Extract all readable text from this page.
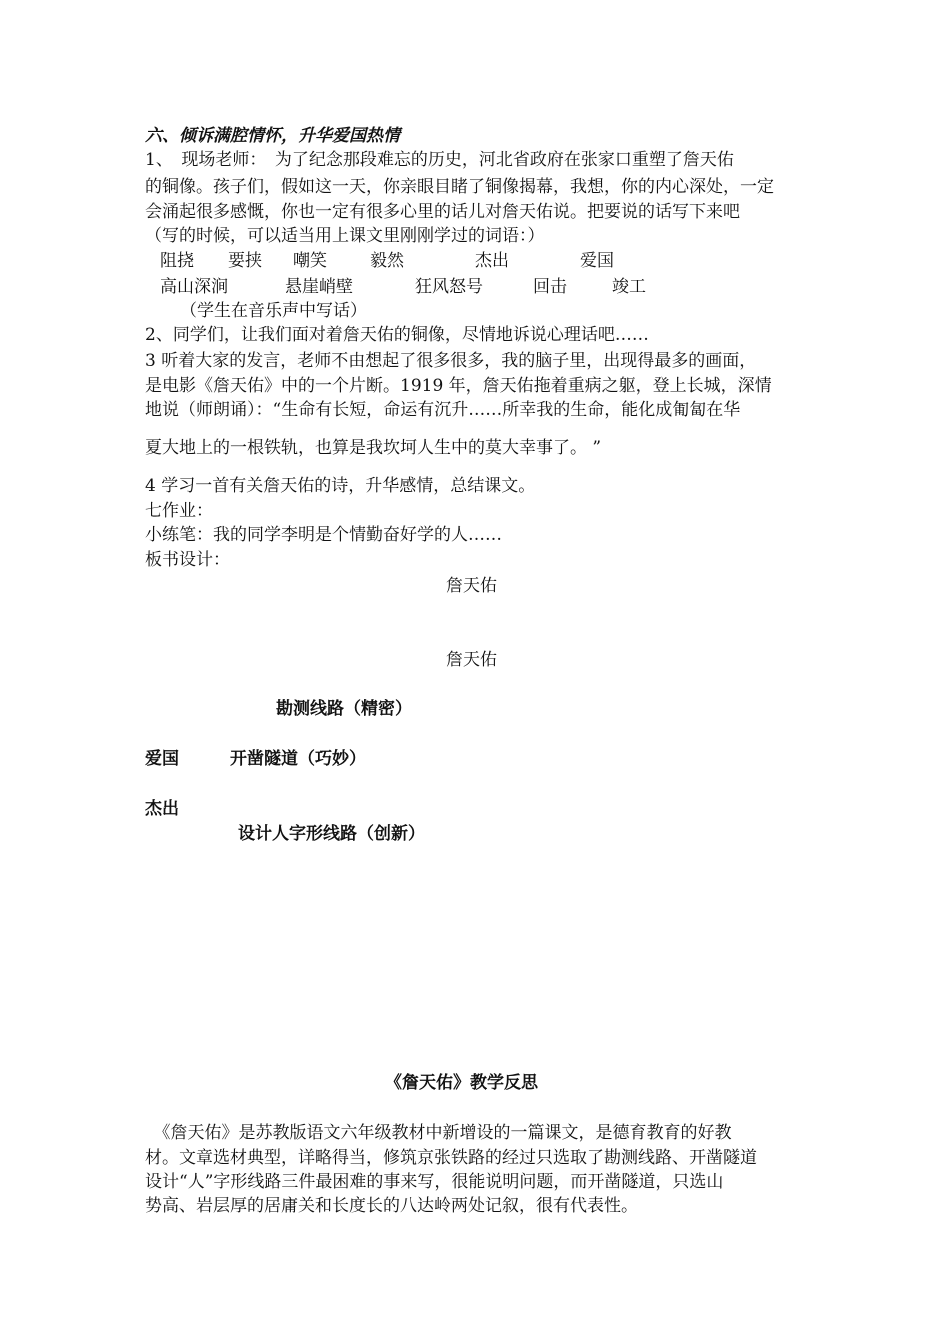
六、倾诉满腔情怀，升华爱国热情
1、　现场老师：　为了纪念那段难忘的历史，河北省政府在张家口重塑了詹天佑
的铜像。孩子们，假如这一天，你亲眼目睹了铜像揭幕，我想，你的内心深处，一定
会涌起很多感慨，你也一定有很多心里的话儿对詹天佑说。把要说的话写下来吧
（写的时候，可以适当用上课文里刚刚学过的词语：）
阻挠 要挟 嘲笑	毅然	杰出	爱国
高山深涧	悬崖峭壁	狂风怒号	回击	竣工
（学生在音乐声中写话）
2、同学们，让我们面对着詹天佑的铜像，尽情地诉说心理话吧……
3 听着大家的发言，老师不由想起了很多很多，我的脑子里，出现得最多的画面，
是电影《詹天佑》中的一个片断。1919 年，詹天佑拖着重病之躯，登上长城，深情
地说（师朗诵）：“生命有长短，命运有沉升……所幸我的生命，能化成匍匐在华
夏大地上的一根铁轨，也算是我坎坷人生中的莫大幸事了。 ”
4 学习一首有关詹天佑的诗，升华感情，总结课文。
七作业：
小练笔：我的同学李明是个情勤奋好学的人……
板书设计：
詹天佑
詹天佑
勘测线路（精密）
爱国	开凿隧道（巧妙）
杰出
设计人字形线路（创新）
《詹天佑》教学反思
　《詹天佑》是苏教版语文六年级教材中新增设的一篇课文，是德育教育的好教
材。文章选材典型，详略得当，修筑京张铁路的经过只选取了勘测线路、开凿隧道
设计“人”字形线路三件最困难的事来写，很能说明问题，而开凿隧道，只选山
势高、岩层厚的居庸关和长度长的八达岭两处记叙，很有代表性。
